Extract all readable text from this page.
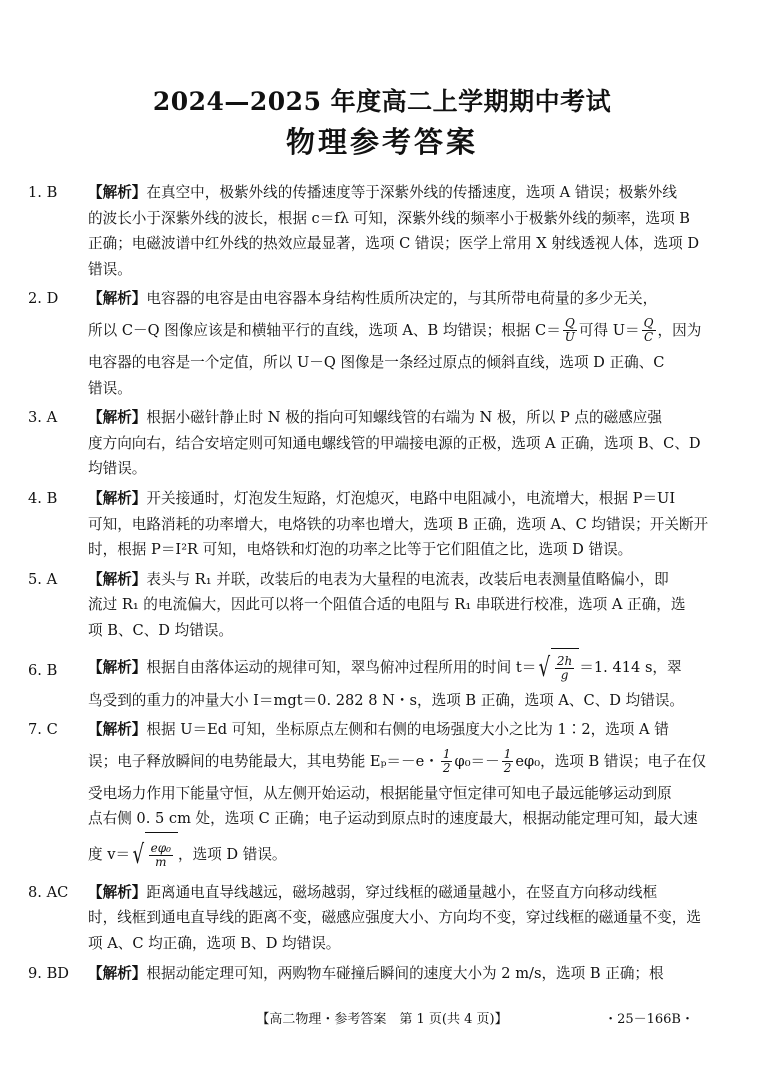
2024—2025 年度高二上学期期中考试
物理参考答案
1. B	【解析】在真空中，极紫外线的传播速度等于深紫外线的传播速度，选项 A 错误；极紫外线
的波长小于深紫外线的波长，根据 c＝fλ 可知，深紫外线的频率小于极紫外线的频率，选项 B
正确；电磁波谱中红外线的热效应最显著，选项 C 错误；医学上常用 X 射线透视人体，选项 D
错误。
2. D	【解析】电容器的电容是由电容器本身结构性质所决定的，与其所带电荷量的多少无关，
所以 C－Q 图像应该是和横轴平行的直线，选项 A、B 均错误；根据 $C= \frac{Q}{U}$ 可得 $U= \frac{Q}{C}$ ，因为
电容器的电容是一个定值，所以 U－Q 图像是一条经过原点的倾斜直线，选项 D 正确、C
错误。
3. A	【解析】根据小磁针静止时 N 极的指向可知螺线管的右端为 N 极，所以 P 点的磁感应强
度方向向右，结合安培定则可知通电螺线管的甲端接电源的正极，选项 A 正确，选项 B、C、D
均错误。
4. B	【解析】开关接通时，灯泡发生短路，灯泡熄灭，电路中电阻减小，电流增大，根据 P＝UI
可知，电路消耗的功率增大，电烙铁的功率也增大，选项 B 正确，选项 A、C 均错误；开关断开
时，根据 P＝I²R 可知，电烙铁和灯泡的功率之比等于它们阻值之比，选项 D 错误。
5. A	【解析】表头与 R₁ 并联，改装后的电表为大量程的电流表，改装后电表测量值略偏小，即
流过 R₁ 的电流偏大，因此可以将一个阻值合适的电阻与 R₁ 串联进行校准，选项 A 正确，选
项 B、C、D 均错误。
6. B	【解析】根据自由落体运动的规律可知，翠鸟俯冲过程所用的时间 t＝ √ $\frac{2h}{g} =1$. 414 s，翠
鸟受到的重力的冲量大小 I＝mgt＝0. 282 8 N・s，选项 B 正确，选项 A、C、D 均错误。
7. C	【解析】根据 U＝Ed 可知，坐标原点左侧和右侧的电场强度大小之比为 1∶2，选项 A 错
误；电子释放瞬间的电势能最大，其电势能 Eₚ＝－e・ $\frac{1}{2} \varphi_0=- \frac{1}{2} e\varphi_0$，选项 B 错误；电子在仅
受电场力作用下能量守恒，从左侧开始运动，根据能量守恒定律可知电子最远能够运动到原
点右侧 0. 5 cm 处，选项 C 正确；电子运动到原点时的速度最大，根据动能定理可知，最大速
度 v＝ √ $\frac{\text{eφ₀}}{m}$ ，选项 D 错误。
8. AC	【解析】距离通电直导线越远，磁场越弱，穿过线框的磁通量越小，在竖直方向移动线框
时，线框到通电直导线的距离不变，磁感应强度大小、方向均不变，穿过线框的磁通量不变，选
项 A、C 均正确，选项 B、D 均错误。
9. BD	【解析】根据动能定理可知，两购物车碰撞后瞬间的速度大小为 2 m/s，选项 B 正确；根
【高二物理・参考答案　第 1 页(共 4 页)】	・25－166B・
